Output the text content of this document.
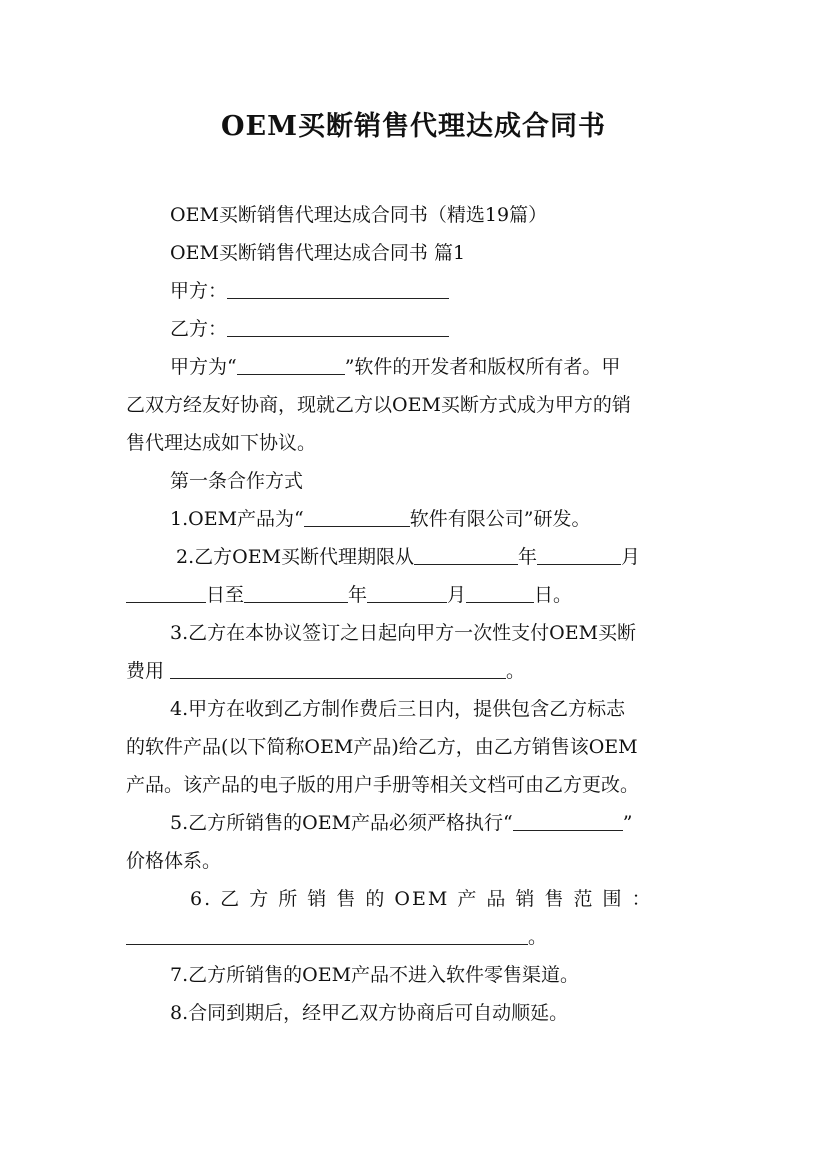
OEM买断销售代理达成合同书
OEM买断销售代理达成合同书（精选19篇）
OEM买断销售代理达成合同书 篇1
甲方：
乙方：
甲方为“	”软件的开发者和版权所有者。甲
乙双方经友好协商，现就乙方以OEM买断方式成为甲方的销
售代理达成如下协议。
第一条合作方式
1.OEM产品为“	软件有限公司”研发。
2.乙方OEM买断代理期限从	年	月
日至	年	月	日。
3.乙方在本协议签订之日起向甲方一次性支付OEM买断
费用	。
4.甲方在收到乙方制作费后三日内，提供包含乙方标志
的软件产品(以下简称OEM产品)给乙方，由乙方销售该OEM
产品。该产品的电子版的用户手册等相关文档可由乙方更改。
5.乙方所销售的OEM产品必须严格执行“	”
价格体系。
6. 乙 方 所 销 售 的 OEM 产 品 销 售 范 围 ：
。
7.乙方所销售的OEM产品不进入软件零售渠道。
8.合同到期后，经甲乙双方协商后可自动顺延。
